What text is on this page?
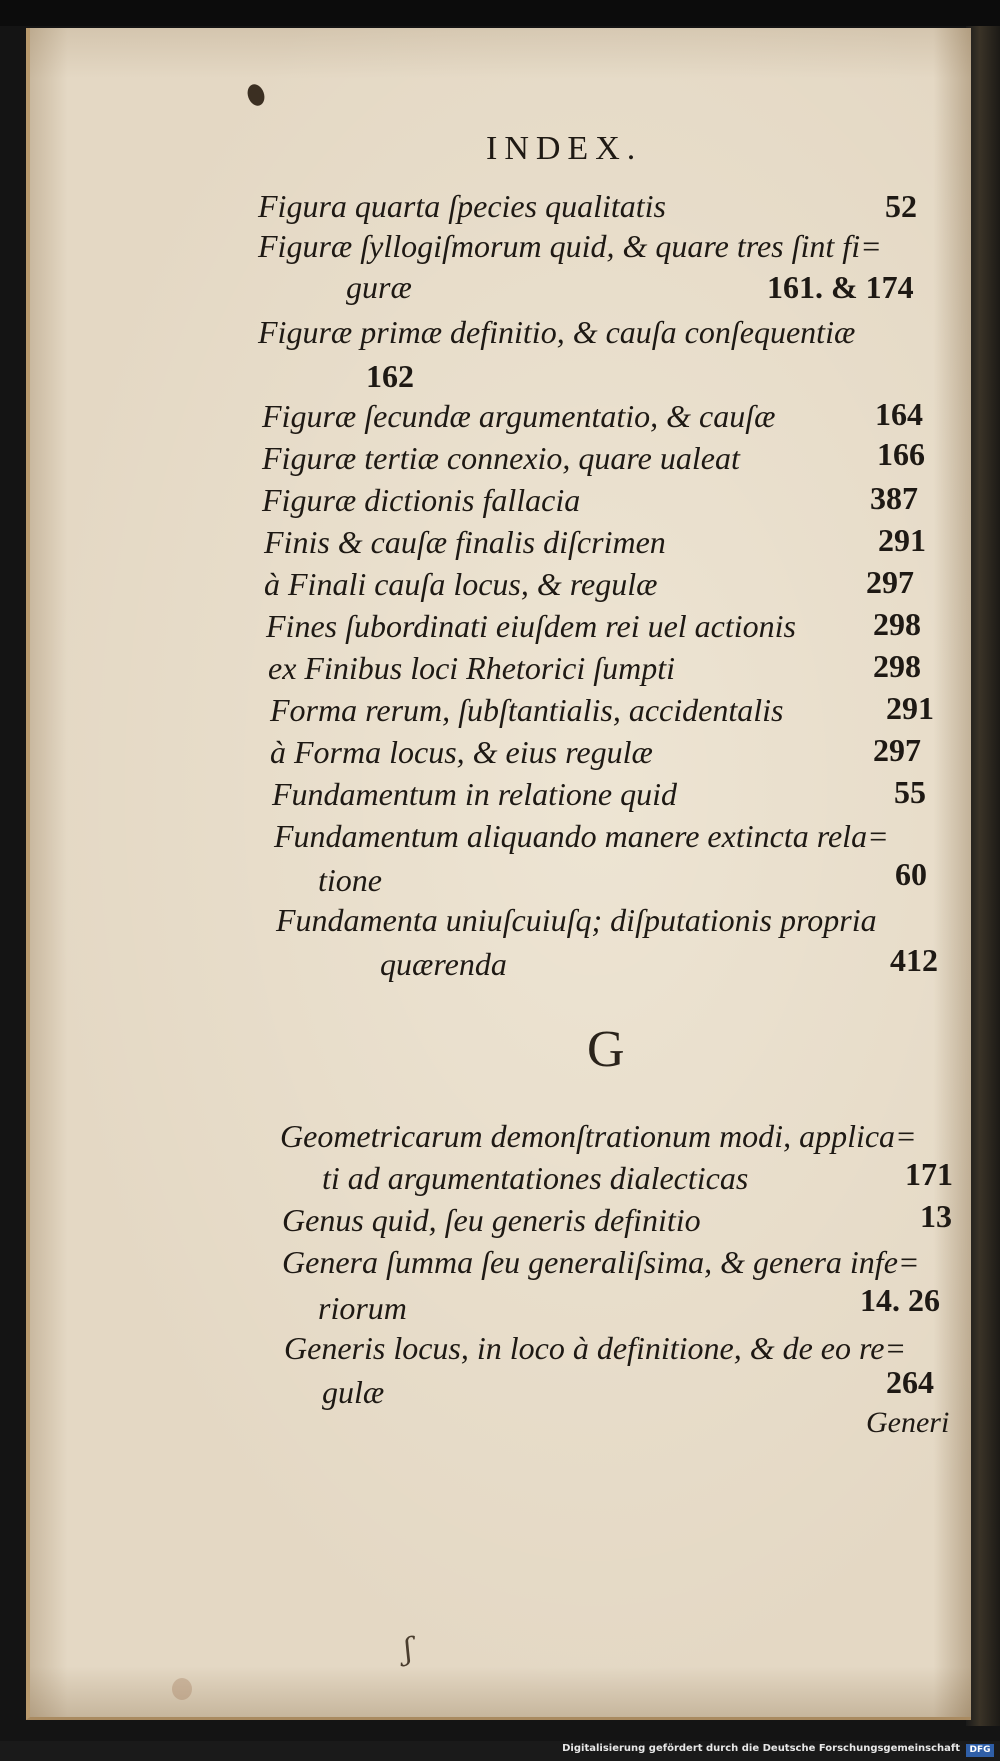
ʃ
INDEX.
Figura quarta ſpecies qualitatis	52
Figuræ ſyllogiſmorum quid, & quare tres ſint fi=
guræ	161. & 174
Figuræ primæ definitio, & cauſa conſequentiæ
162
Figuræ ſecundæ argumentatio, & cauſæ	164
Figuræ tertiæ connexio, quare ualeat	166
Figuræ dictionis fallacia	387
Finis & cauſæ finalis diſcrimen	291
à Finali cauſa locus, & regulæ	297
Fines ſubordinati eiuſdem rei uel actionis 298
ex Finibus loci Rhetorici ſumpti	298
Forma rerum, ſubſtantialis, accidentalis	291
à Forma locus, & eius regulæ	297
Fundamentum in relatione quid	55
Fundamentum aliquando manere extincta rela=
tione	60
Fundamenta uniuſcuiuſq; diſputationis propria
quærenda	412
G
Geometricarum demonſtrationum modi, applica=
ti ad argumentationes dialecticas	171
Genus quid, ſeu generis definitio	13
Genera ſumma ſeu generaliſsima, & genera infe=
riorum	14. 26
Generis locus, in loco à definitione, & de eo re=
gulæ	264
Generi
Digitalisierung gefördert durch die Deutsche Forschungsgemeinschaft	DFG
